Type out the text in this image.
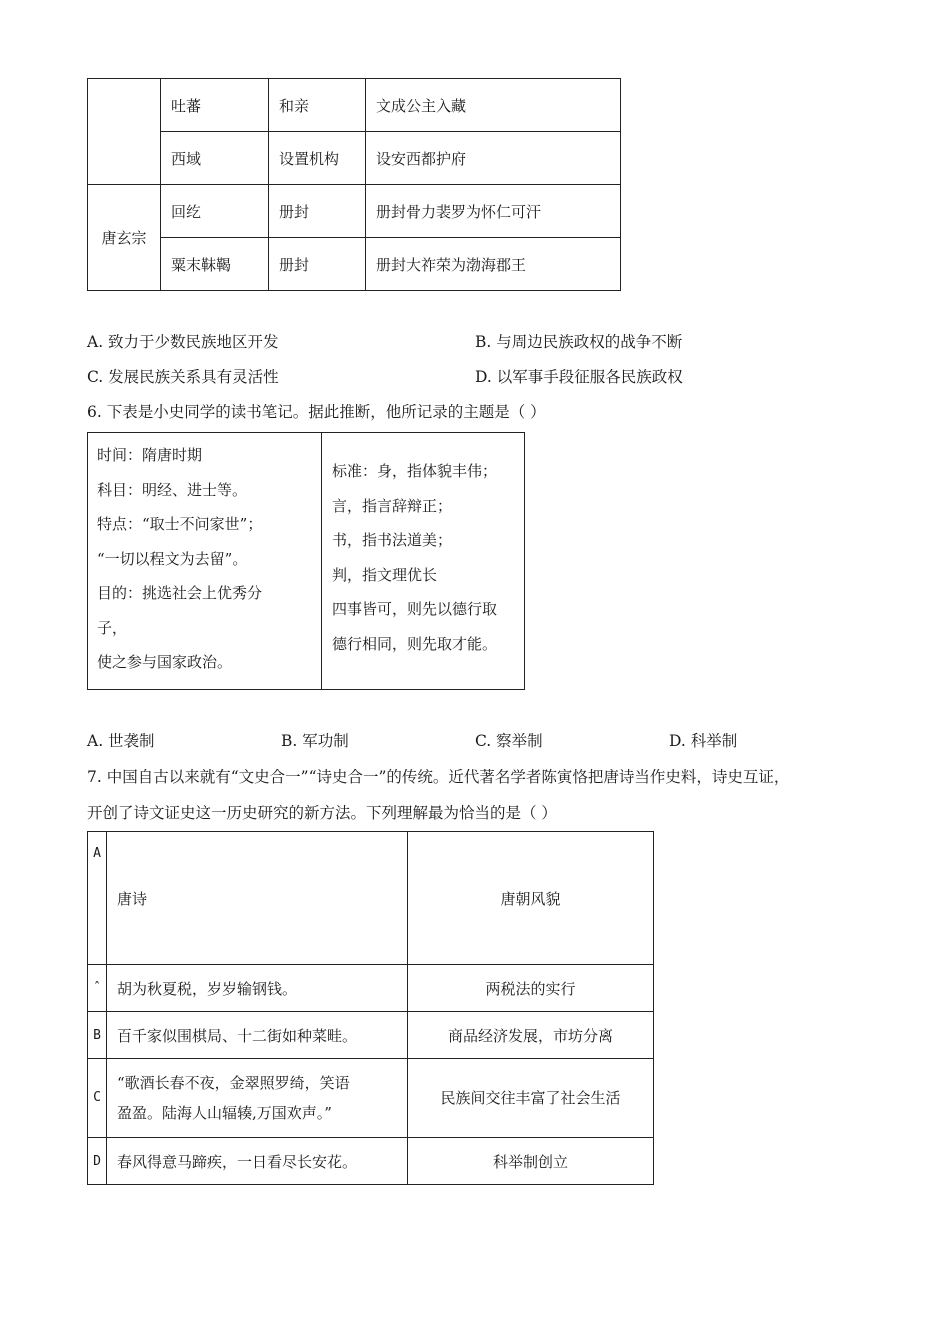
	吐蕃	和亲	文成公主入藏
	西域	设置机构	设安西都护府
唐玄宗	回纥	册封	册封骨力裴罗为怀仁可汗
	粟末靺鞨	册封	册封大祚荣为渤海郡王
A. 致力于少数民族地区开发	B. 与周边民族政权的战争不断
C. 发展民族关系具有灵活性	D. 以军事手段征服各民族政权
6. 下表是小史同学的读书笔记。据此推断，他所记录的主题是（ ）
时间：隋唐时期
科目：明经、进士等。
特点：“取士不问家世”；
“一切以程文为去留”。
目的：挑选社会上优秀分
子，
使之参与国家政治。

标准：身，指体貌丰伟；
言，指言辞辩正；
书，指书法道美；
判，指文理优长
四事皆可，则先以德行取
德行相同，则先取才能。
A. 世袭制	B. 军功制	C. 察举制	D. 科举制
7. 中国自古以来就有“文史合一”“诗史合一”的传统。近代著名学者陈寅恪把唐诗当作史料，诗史互证，
开创了诗文证史这一历史研究的新方法。下列理解最为恰当的是（ ）
A	唐诗	唐朝风貌
ˆ	胡为秋夏税，岁岁输钢钱。	两税法的实行
B	百千家似围棋局、十二街如种菜畦。	商品经济发展，市坊分离
C	“歌酒长春不夜，金翠照罗绮，笑语
盈盈。陆海人山辐辏,万国欢声。”	民族间交往丰富了社会生活
D	春风得意马蹄疾，一日看尽长安花。	科举制创立
